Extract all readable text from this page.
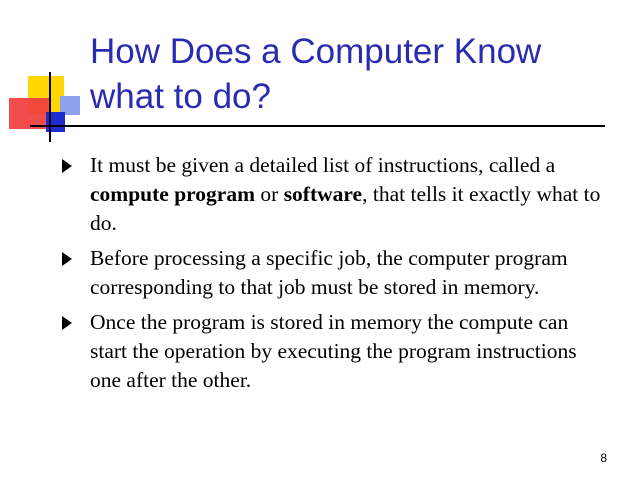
How Does a Computer Know what to do?
It must be given a detailed list of instructions, called a compute program or software, that tells it exactly what to do.
Before processing a specific job, the computer program corresponding to that job must be stored in memory.
Once the program is stored in memory the compute can start the operation by executing the program instructions one after the other.
8
